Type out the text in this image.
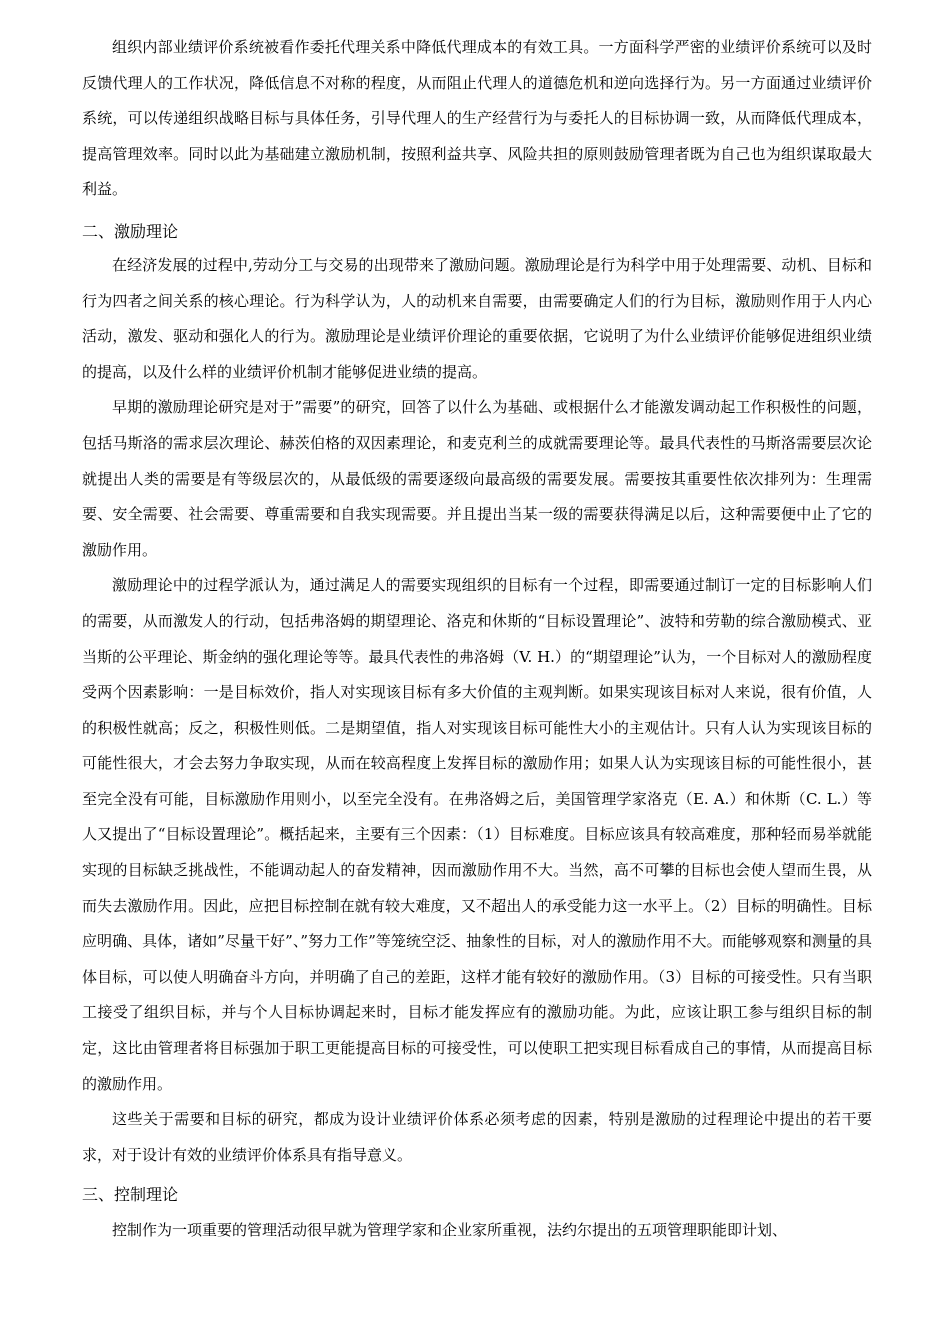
组织内部业绩评价系统被看作委托代理关系中降低代理成本的有效工具。一方面科学严密的业绩评价系统可以及时反馈代理人的工作状况，降低信息不对称的程度，从而阻止代理人的道德危机和逆向选择行为。另一方面通过业绩评价系统，可以传递组织战略目标与具体任务，引导代理人的生产经营行为与委托人的目标协调一致，从而降低代理成本，提高管理效率。同时以此为基础建立激励机制，按照利益共享、风险共担的原则鼓励管理者既为自己也为组织谋取最大利益。

二、激励理论

在经济发展的过程中,劳动分工与交易的出现带来了激励问题。激励理论是行为科学中用于处理需要、动机、目标和行为四者之间关系的核心理论。行为科学认为，人的动机来自需要，由需要确定人们的行为目标，激励则作用于人内心活动，激发、驱动和强化人的行为。激励理论是业绩评价理论的重要依据，它说明了为什么业绩评价能够促进组织业绩的提高，以及什么样的业绩评价机制才能够促进业绩的提高。

早期的激励理论研究是对于”需要”的研究，回答了以什么为基础、或根据什么才能激发调动起工作积极性的问题，包括马斯洛的需求层次理论、赫茨伯格的双因素理论，和麦克利兰的成就需要理论等。最具代表性的马斯洛需要层次论就提出人类的需要是有等级层次的，从最低级的需要逐级向最高级的需要发展。需要按其重要性依次排列为：生理需要、安全需要、社会需要、尊重需要和自我实现需要。并且提出当某一级的需要获得满足以后，这种需要便中止了它的激励作用。

激励理论中的过程学派认为，通过满足人的需要实现组织的目标有一个过程，即需要通过制订一定的目标影响人们的需要，从而激发人的行动，包括弗洛姆的期望理论、洛克和休斯的“目标设置理论”、波特和劳勒的综合激励模式、亚当斯的公平理论、斯金纳的强化理论等等。最具代表性的弗洛姆（V. H.）的“期望理论”认为，一个目标对人的激励程度受两个因素影响：一是目标效价，指人对实现该目标有多大价值的主观判断。如果实现该目标对人来说，很有价值，人的积极性就高；反之，积极性则低。二是期望值，指人对实现该目标可能性大小的主观估计。只有人认为实现该目标的可能性很大，才会去努力争取实现，从而在较高程度上发挥目标的激励作用；如果人认为实现该目标的可能性很小，甚至完全没有可能，目标激励作用则小，以至完全没有。在弗洛姆之后，美国管理学家洛克（E. A.）和休斯（C. L.）等人又提出了“目标设置理论”。概括起来，主要有三个因素：（1）目标难度。目标应该具有较高难度，那种轻而易举就能实现的目标缺乏挑战性，不能调动起人的奋发精神，因而激励作用不大。当然，高不可攀的目标也会使人望而生畏，从而失去激励作用。因此，应把目标控制在就有较大难度，又不超出人的承受能力这一水平上。（2）目标的明确性。目标应明确、具体，诸如”尽量干好”、”努力工作”等笼统空泛、抽象性的目标，对人的激励作用不大。而能够观察和测量的具体目标，可以使人明确奋斗方向，并明确了自己的差距，这样才能有较好的激励作用。（3）目标的可接受性。只有当职工接受了组织目标，并与个人目标协调起来时，目标才能发挥应有的激励功能。为此，应该让职工参与组织目标的制定，这比由管理者将目标强加于职工更能提高目标的可接受性，可以使职工把实现目标看成自己的事情，从而提高目标的激励作用。

这些关于需要和目标的研究，都成为设计业绩评价体系必须考虑的因素，特别是激励的过程理论中提出的若干要求，对于设计有效的业绩评价体系具有指导意义。

三、控制理论

控制作为一项重要的管理活动很早就为管理学家和企业家所重视，法约尔提出的五项管理职能即计划、
